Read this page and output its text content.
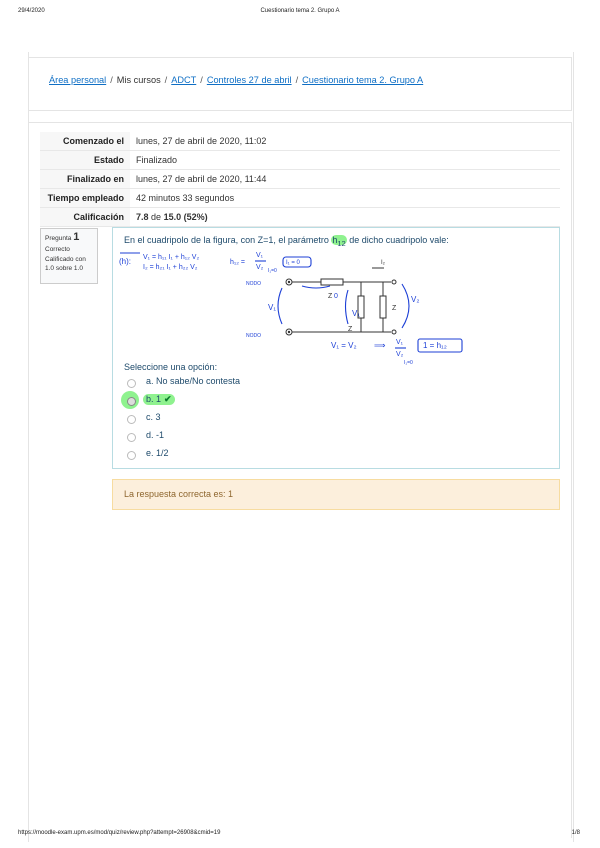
29/4/2020	Cuestionario tema 2. Grupo A
Área personal / Mis cursos / ADCT / Controles 27 de abril / Cuestionario tema 2. Grupo A
Comenzado el	lunes, 27 de abril de 2020, 11:02
Estado	Finalizado
Finalizado en	lunes, 27 de abril de 2020, 11:44
Tiempo empleado	42 minutos 33 segundos
Calificación	7.8 de 15.0 (52%)
Pregunta 1
Correcto
Calificado con 1.0 sobre 1.0
En el cuadripolo de la figura, con Z=1, el parámetro $h_{12}$ de dicho cuadripolo vale:
(h): V₁ = h₁₁ I₁ + h₁₂ V₂
I₂ = h₂₁ I₁ + h₂₂ V₂
h₁₂ =
V₁
V₂ I₁=0
I₁ = 0
NODO
NODO
V₁
0
V₁
V₂
V₁ = V₂ ⟹ V₁
V₂
I₁=0
1 = h₁₂
Z
Z
Z
I₂
Seleccione una opción:
a. No sabe/No contesta
b. 1 ✔
c. 3
d. -1
e. 1/2
La respuesta correcta es: 1
https://moodle-exam.upm.es/mod/quiz/review.php?attempt=26908&cmid=19	1/8
